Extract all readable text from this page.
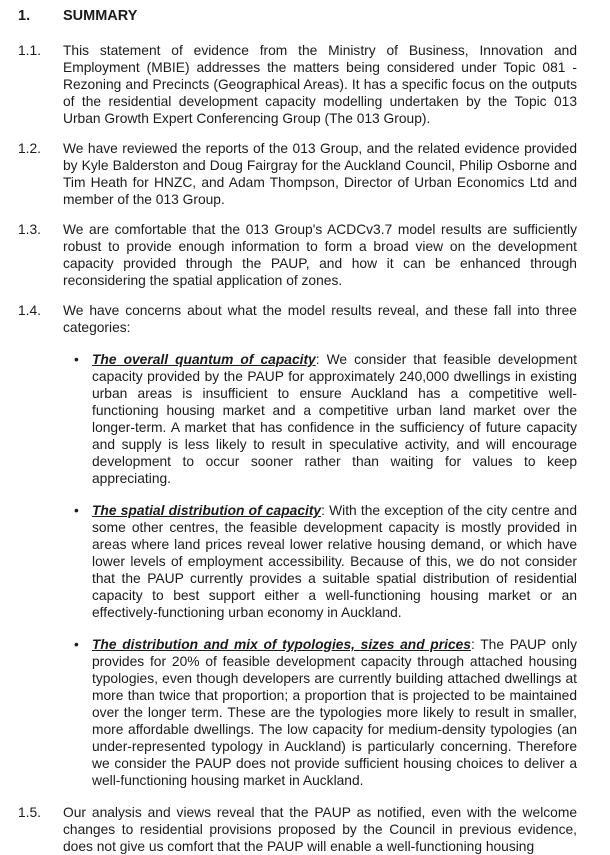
1.	SUMMARY
1.1.	This statement of evidence from the Ministry of Business, Innovation and Employment (MBIE) addresses the matters being considered under Topic 081 - Rezoning and Precincts (Geographical Areas). It has a specific focus on the outputs of the residential development capacity modelling undertaken by the Topic 013 Urban Growth Expert Conferencing Group (The 013 Group).
1.2.	We have reviewed the reports of the 013 Group, and the related evidence provided by Kyle Balderston and Doug Fairgray for the Auckland Council, Philip Osborne and Tim Heath for HNZC, and Adam Thompson, Director of Urban Economics Ltd and member of the 013 Group.
1.3.	We are comfortable that the 013 Group's ACDCv3.7 model results are sufficiently robust to provide enough information to form a broad view on the development capacity provided through the PAUP, and how it can be enhanced through reconsidering the spatial application of zones.
1.4.	We have concerns about what the model results reveal, and these fall into three categories:
• The overall quantum of capacity: We consider that feasible development capacity provided by the PAUP for approximately 240,000 dwellings in existing urban areas is insufficient to ensure Auckland has a competitive well-functioning housing market and a competitive urban land market over the longer-term. A market that has confidence in the sufficiency of future capacity and supply is less likely to result in speculative activity, and will encourage development to occur sooner rather than waiting for values to keep appreciating.
• The spatial distribution of capacity: With the exception of the city centre and some other centres, the feasible development capacity is mostly provided in areas where land prices reveal lower relative housing demand, or which have lower levels of employment accessibility. Because of this, we do not consider that the PAUP currently provides a suitable spatial distribution of residential capacity to best support either a well-functioning housing market or an effectively-functioning urban economy in Auckland.
• The distribution and mix of typologies, sizes and prices: The PAUP only provides for 20% of feasible development capacity through attached housing typologies, even though developers are currently building attached dwellings at more than twice that proportion; a proportion that is projected to be maintained over the longer term. These are the typologies more likely to result in smaller, more affordable dwellings. The low capacity for medium-density typologies (an under-represented typology in Auckland) is particularly concerning. Therefore we consider the PAUP does not provide sufficient housing choices to deliver a well-functioning housing market in Auckland.
1.5.	Our analysis and views reveal that the PAUP as notified, even with the welcome changes to residential provisions proposed by the Council in previous evidence, does not give us comfort that the PAUP will enable a well-functioning housing
